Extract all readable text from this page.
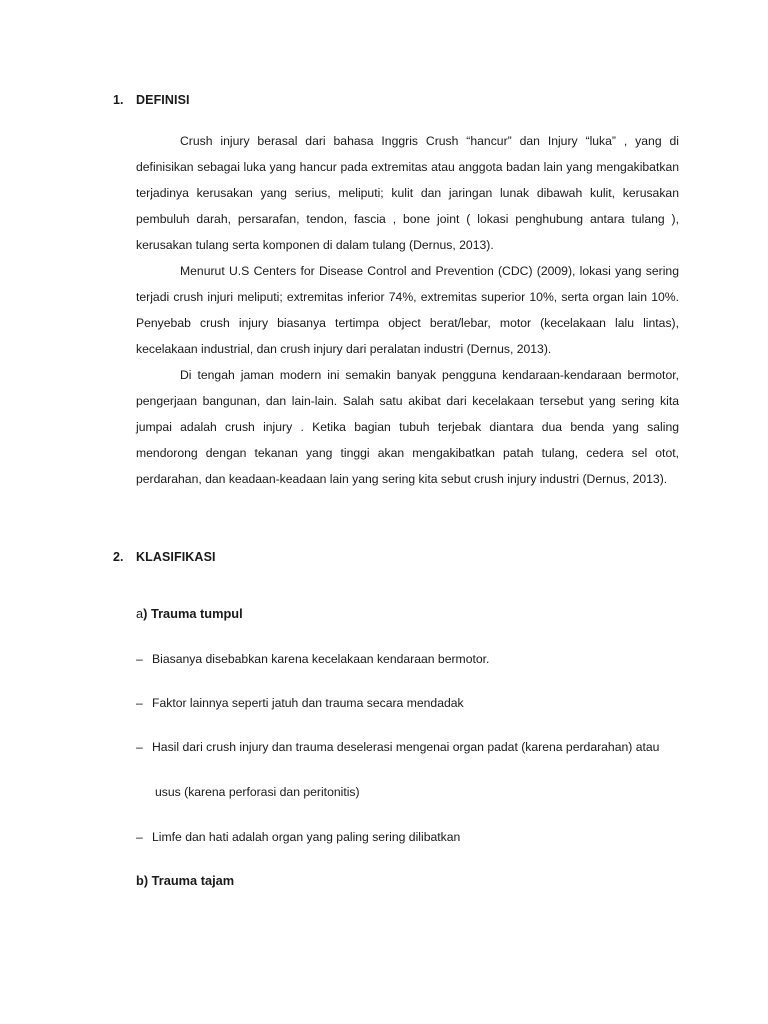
1. DEFINISI
Crush injury berasal dari bahasa Inggris Crush “hancur” dan Injury “luka” , yang di definisikan sebagai luka yang hancur pada extremitas atau anggota badan lain yang mengakibatkan terjadinya kerusakan yang serius, meliputi; kulit dan jaringan lunak dibawah kulit, kerusakan pembuluh darah, persarafan, tendon, fascia , bone joint ( lokasi penghubung antara tulang ), kerusakan tulang serta komponen di dalam tulang (Dernus, 2013).
Menurut U.S Centers for Disease Control and Prevention (CDC) (2009), lokasi yang sering terjadi crush injuri meliputi; extremitas inferior 74%, extremitas superior 10%, serta organ lain 10%. Penyebab crush injury biasanya tertimpa object berat/lebar, motor (kecelakaan lalu lintas), kecelakaan industrial, dan crush injury dari peralatan industri (Dernus, 2013).
Di tengah jaman modern ini semakin banyak pengguna kendaraan-kendaraan bermotor, pengerjaan bangunan, dan lain-lain. Salah satu akibat dari kecelakaan tersebut yang sering kita jumpai adalah crush injury . Ketika bagian tubuh terjebak diantara dua benda yang saling mendorong dengan tekanan yang tinggi akan mengakibatkan patah tulang, cedera sel otot, perdarahan, dan keadaan-keadaan lain yang sering kita sebut crush injury industri (Dernus, 2013).
2. KLASIFIKASI
a) Trauma tumpul
– Biasanya disebabkan karena kecelakaan kendaraan bermotor.
– Faktor lainnya seperti jatuh dan trauma secara mendadak
– Hasil dari crush injury dan trauma deselerasi mengenai organ padat (karena perdarahan) atau
usus (karena perforasi dan peritonitis)
– Limfe dan hati adalah organ yang paling sering dilibatkan
b) Trauma tajam
